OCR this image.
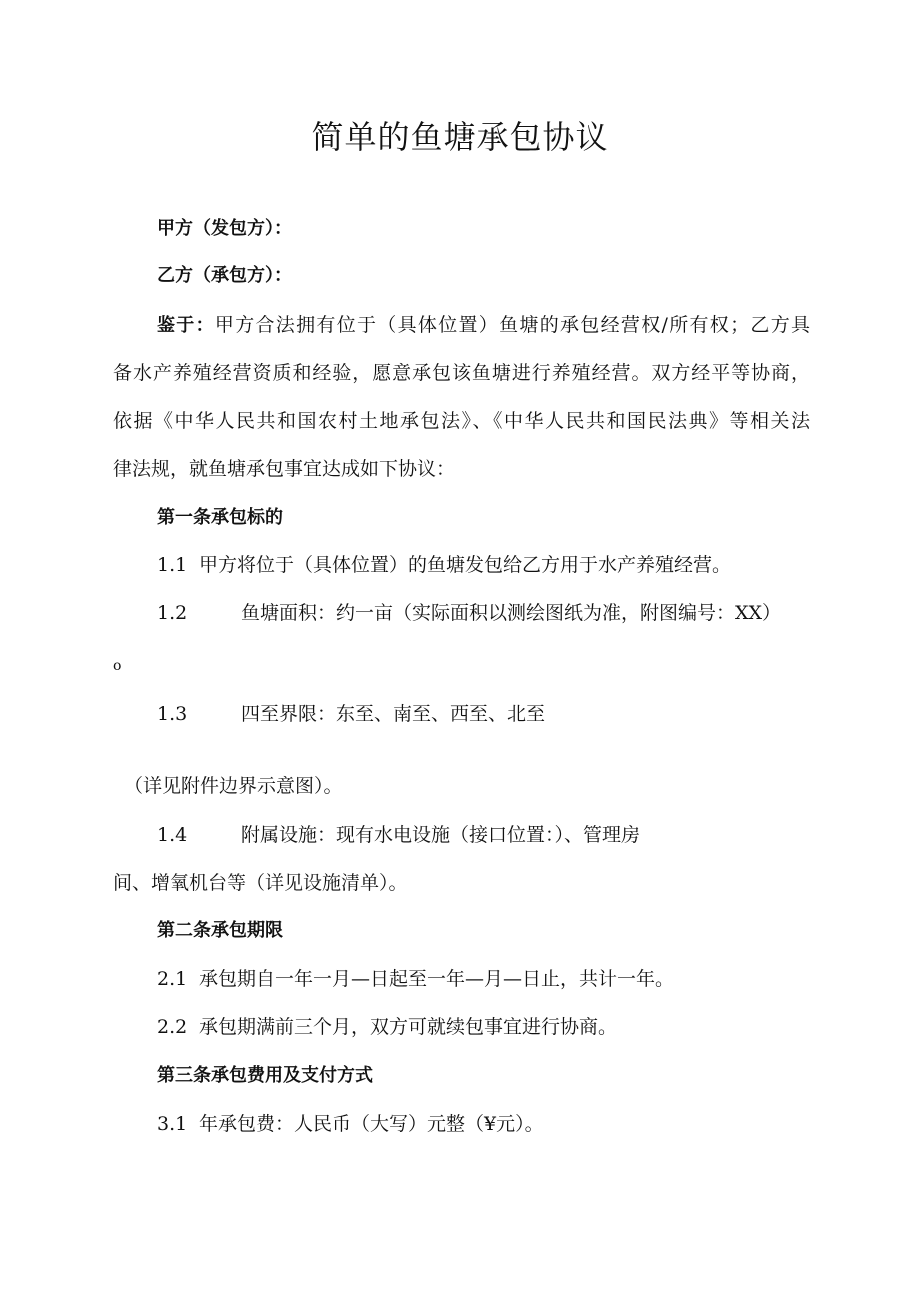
简单的鱼塘承包协议

甲方（发包方）：

乙方（承包方）：

鉴于：甲方合法拥有位于（具体位置）鱼塘的承包经营权/所有权；乙方具

备水产养殖经营资质和经验，愿意承包该鱼塘进行养殖经营。双方经平等协商，

依据《中华人民共和国农村土地承包法》、《中华人民共和国民法典》等相关法

律法规，就鱼塘承包事宜达成如下协议：

第一条承包标的

1.1 甲方将位于（具体位置）的鱼塘发包给乙方用于水产养殖经营。

1.2	鱼塘面积：约一亩（实际面积以测绘图纸为准，附图编号：XX）

o

1.3	四至界限：东至、南至、西至、北至

（详见附件边界示意图）。

1.4	附属设施：现有水电设施（接口位置：）、管理房

间、增氧机台等（详见设施清单）。

第二条承包期限

2.1 承包期自一年一月—日起至一年—月—日止，共计一年。

2.2 承包期满前三个月，双方可就续包事宜进行协商。

第三条承包费用及支付方式

3.1 年承包费：人民币（大写）元整（¥元）。
